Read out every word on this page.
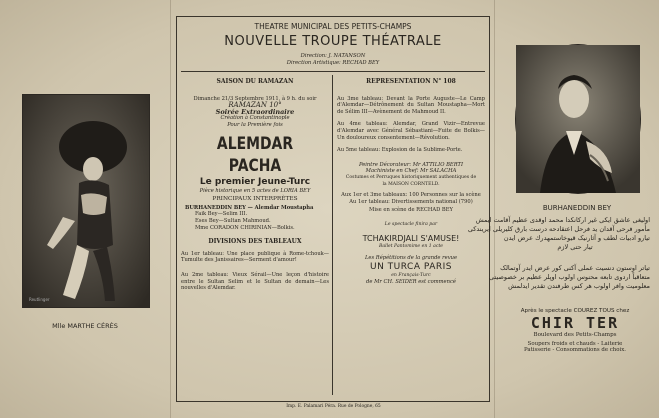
Reutlinger
Mlle MARTHE CÉRÈS
THEATRE MUNICIPAL DES PETITS-CHAMPS
NOUVELLE TROUPE THÉATRALE
Direction: J. NATANSON
Direction Artistique: RECHAD BEY
SAISON DU RAMAZAN
Dimanche 21/3 Septembre 1911, à 9 h. du soir
RAMAZAN 10°
Soirée Extraordinaire
Création à Constantinople
Pour la Première fois
ALEMDAR PACHA
Le premier Jeune-Turc
Pièce historique en 5 actes de LORIA BEY
PRINCIPAUX INTERPRÈTES
BURHANEDDIN BEY — Alemdar Moustapha
Faik Bey—Selim III.
Eses Bey—Sultan Mahmoud.
Mme CORADON CHIRINIAN—Bolkis.
DIVISIONS DES TABLEAUX
Au 1er tableau: Une place publique à Rome-tchouk—Tumulte des Janissaires—Serment d'amour!
Au 2me tableau: Vieux Sérail—Une leçon d'histoire entre le Sultan Selim et le Sultan de demain—Les nouvelles d'Alemdar.
REPRESENTATION N° 108
Au 3me tableau: Devant la Porte Auguste—Le Camp d'Alemdar—Détrônement du Sultan Moustapha—Mort de Sélim III—Avènement de Mahmoud II.
Au 4me tableau: Alemdar, Grand Vizir—Entrevue d'Alemdar avec Général Sébastiani—Fuite de Bolkis—Un douloureux consentement—Révolution.
Au 5me tableau: Explosion de la Sublime-Porte.
Peintre Décorateur: Mr ATTILIO BERTI
Machiniste en Chef: Mr SALACHA
Costumes et Perruques historiquement authentiques de
la MAISON CORNTELD.
Aux 1er et 3me tableaux: 100 Personnes sur la scène
Au 1er tableau: Divertissements national (790)
Mise en scène de RECHAD BEY
Le spectacle finira par
TCHAKIRDJALI S'AMUSE!
Ballet Pantomime en 1 acte
Les Répétitions de la grande revue
UN TURCA PARIS
en Français-Turc
de Mr CH. SEIDER est commencé
Imp. E. Palamari Péra. Rue de Pologne, 65
BURHANEDDIN BEY
اولیغی عاشق ایکی غیر ارکانکدا محمد اوقدی عظیم آقامت ایمش
مأمور فرحی آقدان ید فرحل اعتقادحه درست بارق کلیریلی ایریندکی
تیارو ادبیات لطف و آثارنیک قیوخاستمهدرك عرض ایدن
تیار حتی لازم
تیاتر اوستون دنسیت عملی آکنی کور عرض ایدر آوتمالک
متعاقباً اردوی تابعه محنوس اولوب اوپلر عظیم بر خصوصیتی
معلومیت وافر اولوب هر کس طرفندن تقدیر ایدلمش
Après le spectacle COUREZ TOUS chez
CHIR TER
Boulevard des Petits-Champs
Soupers froids et chauds - Laiterie
Patisserie - Consommations de choix.
